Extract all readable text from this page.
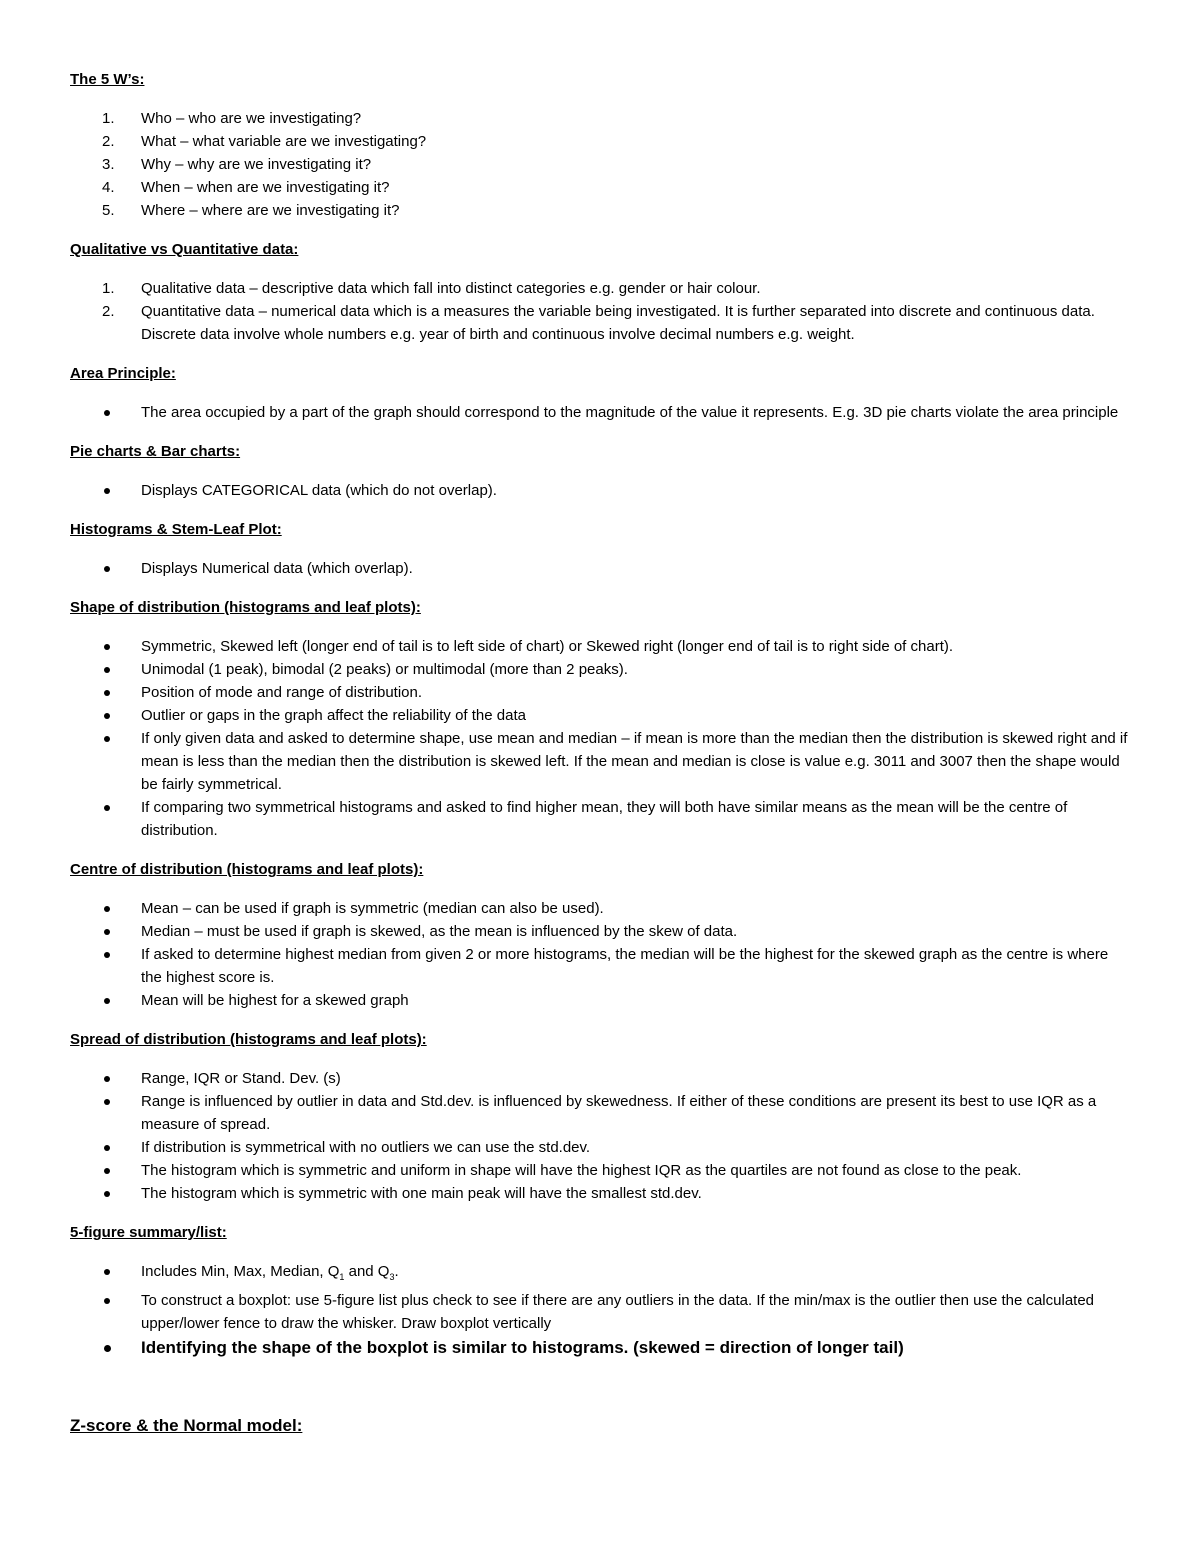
The 5 W’s:

1. Who – who are we investigating?
2. What – what variable are we investigating?
3. Why – why are we investigating it?
4. When – when are we investigating it?
5. Where – where are we investigating it?

Qualitative vs Quantitative data:

1. Qualitative data – descriptive data which fall into distinct categories e.g. gender or hair colour.
2. Quantitative data – numerical data which is a measures the variable being investigated. It is further separated into discrete and continuous data. Discrete data involve whole numbers e.g. year of birth and continuous involve decimal numbers e.g. weight.

Area Principle:

The area occupied by a part of the graph should correspond to the magnitude of the value it represents. E.g. 3D pie charts violate the area principle

Pie charts & Bar charts:

Displays CATEGORICAL data (which do not overlap).

Histograms & Stem-Leaf Plot:

Displays Numerical data (which overlap).

Shape of distribution (histograms and leaf plots):

Symmetric, Skewed left (longer end of tail is to left side of chart) or Skewed right (longer end of tail is to right side of chart).
Unimodal (1 peak), bimodal (2 peaks) or multimodal (more than 2 peaks).
Position of mode and range of distribution.
Outlier or gaps in the graph affect the reliability of the data
If only given data and asked to determine shape, use mean and median – if mean is more than the median then the distribution is skewed right and if mean is less than the median then the distribution is skewed left. If the mean and median is close is value e.g. 3011 and 3007 then the shape would be fairly symmetrical.
If comparing two symmetrical histograms and asked to find higher mean, they will both have similar means as the mean will be the centre of distribution.

Centre of distribution (histograms and leaf plots):

Mean – can be used if graph is symmetric (median can also be used).
Median – must be used if graph is skewed, as the mean is influenced by the skew of data.
If asked to determine highest median from given 2 or more histograms, the median will be the highest for the skewed graph as the centre is where the highest score is.
Mean will be highest for a skewed graph

Spread of distribution (histograms and leaf plots):

Range, IQR or Stand. Dev. (s)
Range is influenced by outlier in data and Std.dev. is influenced by skewedness. If either of these conditions are present its best to use IQR as a measure of spread.
If distribution is symmetrical with no outliers we can use the std.dev.
The histogram which is symmetric and uniform in shape will have the highest IQR as the quartiles are not found as close to the peak.
The histogram which is symmetric with one main peak will have the smallest std.dev.

5-figure summary/list:

Includes Min, Max, Median, $Q_1$ and $Q_3$.
To construct a boxplot: use 5-figure list plus check to see if there are any outliers in the data. If the min/max is the outlier then use the calculated upper/lower fence to draw the whisker. Draw boxplot vertically
Identifying the shape of the boxplot is similar to histograms. (skewed = direction of longer tail)

Z-score & the Normal model:
